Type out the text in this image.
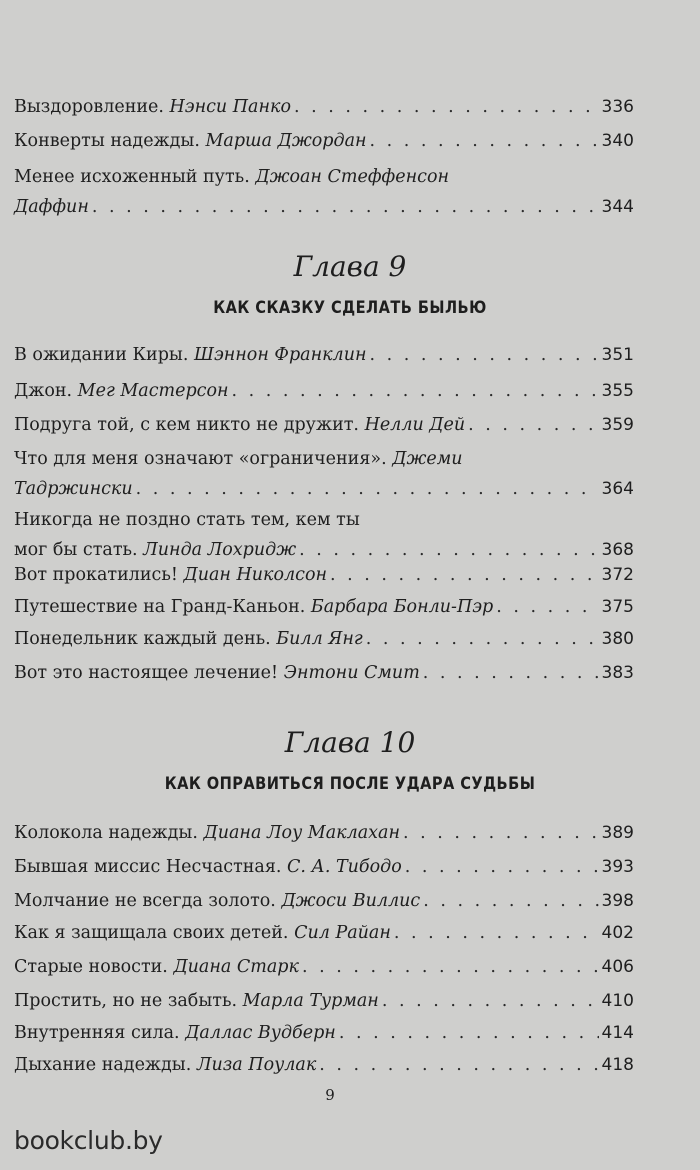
Выздоровление. Нэнси Панко . . .	336
Конверты надежды. Марша Джордан . . .	340
Менее исхоженный путь. Джоан Стеффенсон
Даффин . . .	344
Глава 9
КАК СКАЗКУ СДЕЛАТЬ БЫЛЬЮ
В ожидании Киры. Шэннон Франклин . . .	351
Джон. Мег Мастерсон . . .	355
Подруга той, с кем никто не дружит. Нелли Дей . . .	359
Что для меня означают «ограничения». Джеми
Тадржински . . .	364
Никогда не поздно стать тем, кем ты
мог бы стать. Линда Лохридж . . .	368
Вот прокатились! Диан Николсон . . .	372
Путешествие на Гранд-Каньон. Барбара Бонли-Пэр . . .	375
Понедельник каждый день. Билл Янг . . .	380
Вот это настоящее лечение! Энтони Смит . . .	383
Глава 10
КАК ОПРАВИТЬСЯ ПОСЛЕ УДАРА СУДЬБЫ
Колокола надежды. Диана Лоу Маклахан . . .	389
Бывшая миссис Несчастная. С. А. Тибодо . . .	393
Молчание не всегда золото. Джоси Виллис . . .	398
Как я защищала своих детей. Сил Райан . . .	402
Старые новости. Диана Старк . . .	406
Простить, но не забыть. Марла Турман . . .	410
Внутренняя сила. Даллас Вудберн . . .	414
Дыхание надежды. Лиза Поулак . . .	418
9
bookclub.by
